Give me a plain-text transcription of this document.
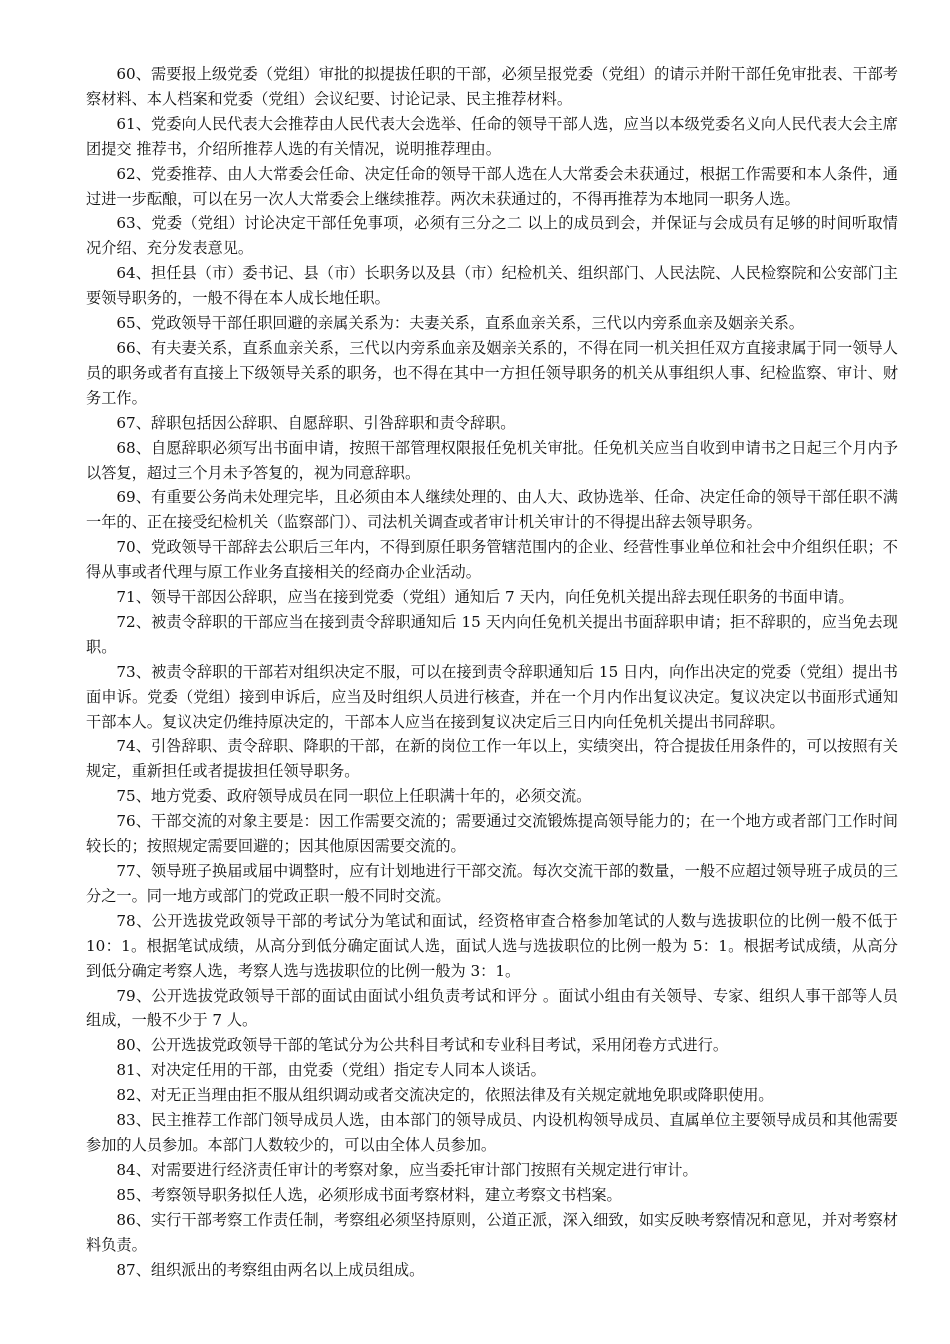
60、需要报上级党委（党组）审批的拟提拔任职的干部，必须呈报党委（党组）的请示并附干部任免审批表、干部考察材料、本人档案和党委（党组）会议纪要、讨论记录、民主推荐材料。

61、党委向人民代表大会推荐由人民代表大会选举、任命的领导干部人选，应当以本级党委名义向人民代表大会主席团提交 推荐书，介绍所推荐人选的有关情况，说明推荐理由。

62、党委推荐、由人大常委会任命、决定任命的领导干部人选在人大常委会未获通过，根据工作需要和本人条件，通过进一步酝酿，可以在另一次人大常委会上继续推荐。两次未获通过的，不得再推荐为本地同一职务人选。

63、党委（党组）讨论决定干部任免事项，必须有三分之二 以上的成员到会，并保证与会成员有足够的时间听取情况介绍、充分发表意见。

64、担任县（市）委书记、县（市）长职务以及县（市）纪检机关、组织部门、人民法院、人民检察院和公安部门主要领导职务的，一般不得在本人成长地任职。

65、党政领导干部任职回避的亲属关系为：夫妻关系，直系血亲关系，三代以内旁系血亲及姻亲关系。

66、有夫妻关系，直系血亲关系，三代以内旁系血亲及姻亲关系的，不得在同一机关担任双方直接隶属于同一领导人员的职务或者有直接上下级领导关系的职务，也不得在其中一方担任领导职务的机关从事组织人事、纪检监察、审计、财务工作。

67、辞职包括因公辞职、自愿辞职、引咎辞职和责令辞职。

68、自愿辞职必须写出书面申请，按照干部管理权限报任免机关审批。任免机关应当自收到申请书之日起三个月内予以答复，超过三个月未予答复的，视为同意辞职。

69、有重要公务尚未处理完毕，且必须由本人继续处理的、由人大、政协选举、任命、决定任命的领导干部任职不满一年的、正在接受纪检机关（监察部门）、司法机关调查或者审计机关审计的不得提出辞去领导职务。

70、党政领导干部辞去公职后三年内，不得到原任职务管辖范围内的企业、经营性事业单位和社会中介组织任职；不得从事或者代理与原工作业务直接相关的经商办企业活动。

71、领导干部因公辞职，应当在接到党委（党组）通知后 7 天内，向任免机关提出辞去现任职务的书面申请。

72、被责令辞职的干部应当在接到责令辞职通知后 15 天内向任免机关提出书面辞职申请；拒不辞职的，应当免去现职。

73、被责令辞职的干部若对组织决定不服，可以在接到责令辞职通知后 15 日内，向作出决定的党委（党组）提出书面申诉。党委（党组）接到申诉后，应当及时组织人员进行核查，并在一个月内作出复议决定。复议决定以书面形式通知干部本人。复议决定仍维持原决定的，干部本人应当在接到复议决定后三日内向任免机关提出书同辞职。

74、引咎辞职、责令辞职、降职的干部，在新的岗位工作一年以上，实绩突出，符合提拔任用条件的，可以按照有关规定，重新担任或者提拔担任领导职务。

75、地方党委、政府领导成员在同一职位上任职满十年的，必须交流。

76、干部交流的对象主要是：因工作需要交流的；需要通过交流锻炼提高领导能力的；在一个地方或者部门工作时间较长的；按照规定需要回避的；因其他原因需要交流的。

77、领导班子换届或届中调整时，应有计划地进行干部交流。每次交流干部的数量，一般不应超过领导班子成员的三分之一。同一地方或部门的党政正职一般不同时交流。

78、公开选拔党政领导干部的考试分为笔试和面试，经资格审查合格参加笔试的人数与选拔职位的比例一般不低于 10：1。根据笔试成绩，从高分到低分确定面试人选，面试人选与选拔职位的比例一般为 5：1。根据考试成绩，从高分到低分确定考察人选，考察人选与选拔职位的比例一般为 3：1。

79、公开选拔党政领导干部的面试由面试小组负责考试和评分 。面试小组由有关领导、专家、组织人事干部等人员组成，一般不少于 7 人。

80、公开选拔党政领导干部的笔试分为公共科目考试和专业科目考试，采用闭卷方式进行。

81、对决定任用的干部，由党委（党组）指定专人同本人谈话。

82、对无正当理由拒不服从组织调动或者交流决定的，依照法律及有关规定就地免职或降职使用。

83、民主推荐工作部门领导成员人选，由本部门的领导成员、内设机构领导成员、直属单位主要领导成员和其他需要参加的人员参加。本部门人数较少的，可以由全体人员参加。

84、对需要进行经济责任审计的考察对象，应当委托审计部门按照有关规定进行审计。

85、考察领导职务拟任人选，必须形成书面考察材料，建立考察文书档案。

86、实行干部考察工作责任制，考察组必须坚持原则，公道正派，深入细致，如实反映考察情况和意见，并对考察材料负责。

87、组织派出的考察组由两名以上成员组成。
